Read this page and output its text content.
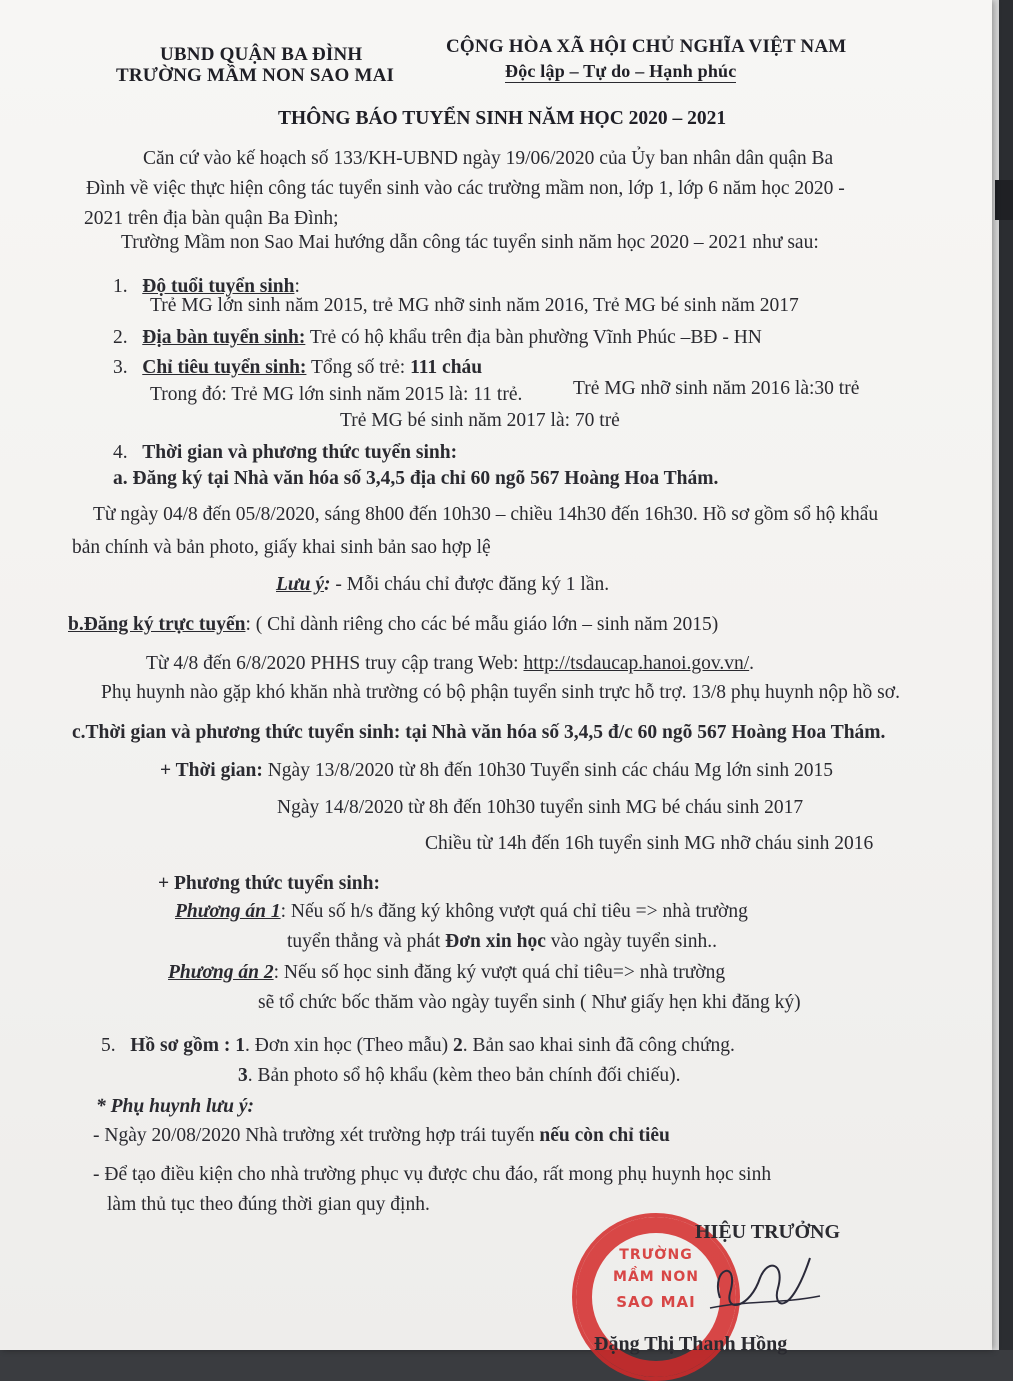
UBND QUẬN BA ĐÌNH
TRƯỜNG MẦM NON SAO MAI
CỘNG HÒA XÃ HỘI CHỦ NGHĨA VIỆT NAM
Độc lập – Tự do – Hạnh phúc
THÔNG BÁO TUYỂN SINH NĂM HỌC 2020 – 2021
Căn cứ vào kế hoạch số 133/KH-UBND ngày 19/06/2020 của Ủy ban nhân dân quận Ba
Đình về việc thực hiện công tác tuyển sinh vào các trường mầm non, lớp 1, lớp 6 năm học 2020 -
2021 trên địa bàn quận Ba Đình;
Trường Mầm non Sao Mai hướng dẫn công tác tuyển sinh năm học 2020 – 2021 như sau:
1. Độ tuổi tuyển sinh:
Trẻ MG lớn sinh năm 2015, trẻ MG nhỡ sinh năm 2016, Trẻ MG bé sinh năm 2017
2. Địa bàn tuyển sinh: Trẻ có hộ khẩu trên địa bàn phường Vĩnh Phúc –BĐ - HN
3. Chỉ tiêu tuyển sinh: Tổng số trẻ: 111 cháu
Trong đó: Trẻ MG lớn sinh năm 2015 là: 11 trẻ.	Trẻ MG nhỡ sinh năm 2016 là:30 trẻ
Trẻ MG bé sinh năm 2017 là: 70 trẻ
4. Thời gian và phương thức tuyển sinh:
a. Đăng ký tại Nhà văn hóa số 3,4,5 địa chỉ 60 ngõ 567 Hoàng Hoa Thám.
Từ ngày 04/8 đến 05/8/2020, sáng 8h00 đến 10h30 – chiều 14h30 đến 16h30. Hồ sơ gồm sổ hộ khẩu
bản chính và bản photo, giấy khai sinh bản sao hợp lệ
Lưu ý: - Mỗi cháu chỉ được đăng ký 1 lần.
b.Đăng ký trực tuyến: ( Chỉ dành riêng cho các bé mẫu giáo lớn – sinh năm 2015)
Từ 4/8 đến 6/8/2020 PHHS truy cập trang Web: http://tsdaucap.hanoi.gov.vn/.
Phụ huynh nào gặp khó khăn nhà trường có bộ phận tuyển sinh trực hỗ trợ. 13/8 phụ huynh nộp hồ sơ.
c.Thời gian và phương thức tuyển sinh: tại Nhà văn hóa số 3,4,5 đ/c 60 ngõ 567 Hoàng Hoa Thám.
+ Thời gian: Ngày 13/8/2020 từ 8h đến 10h30 Tuyển sinh các cháu Mg lớn sinh 2015
Ngày 14/8/2020 từ 8h đến 10h30 tuyển sinh MG bé cháu sinh 2017
Chiều từ 14h đến 16h tuyển sinh MG nhỡ cháu sinh 2016
+ Phương thức tuyển sinh:
Phương án 1: Nếu số h/s đăng ký không vượt quá chỉ tiêu => nhà trường
tuyển thẳng và phát Đơn xin học vào ngày tuyển sinh..
Phương án 2: Nếu số học sinh đăng ký vượt quá chỉ tiêu=> nhà trường
sẽ tổ chức bốc thăm vào ngày tuyển sinh ( Như giấy hẹn khi đăng ký)
5. Hồ sơ gồm : 1. Đơn xin học (Theo mẫu) 2. Bản sao khai sinh đã công chứng.
3. Bản photo sổ hộ khẩu (kèm theo bản chính đối chiếu).
* Phụ huynh lưu ý:
- Ngày 20/08/2020 Nhà trường xét trường hợp trái tuyến nếu còn chỉ tiêu
- Để tạo điều kiện cho nhà trường phục vụ được chu đáo, rất mong phụ huynh học sinh
làm thủ tục theo đúng thời gian quy định.
TRƯỜNG
MẦM NON
SAO MAI
HIỆU TRƯỞNG
Đặng Thị Thanh Hồng
